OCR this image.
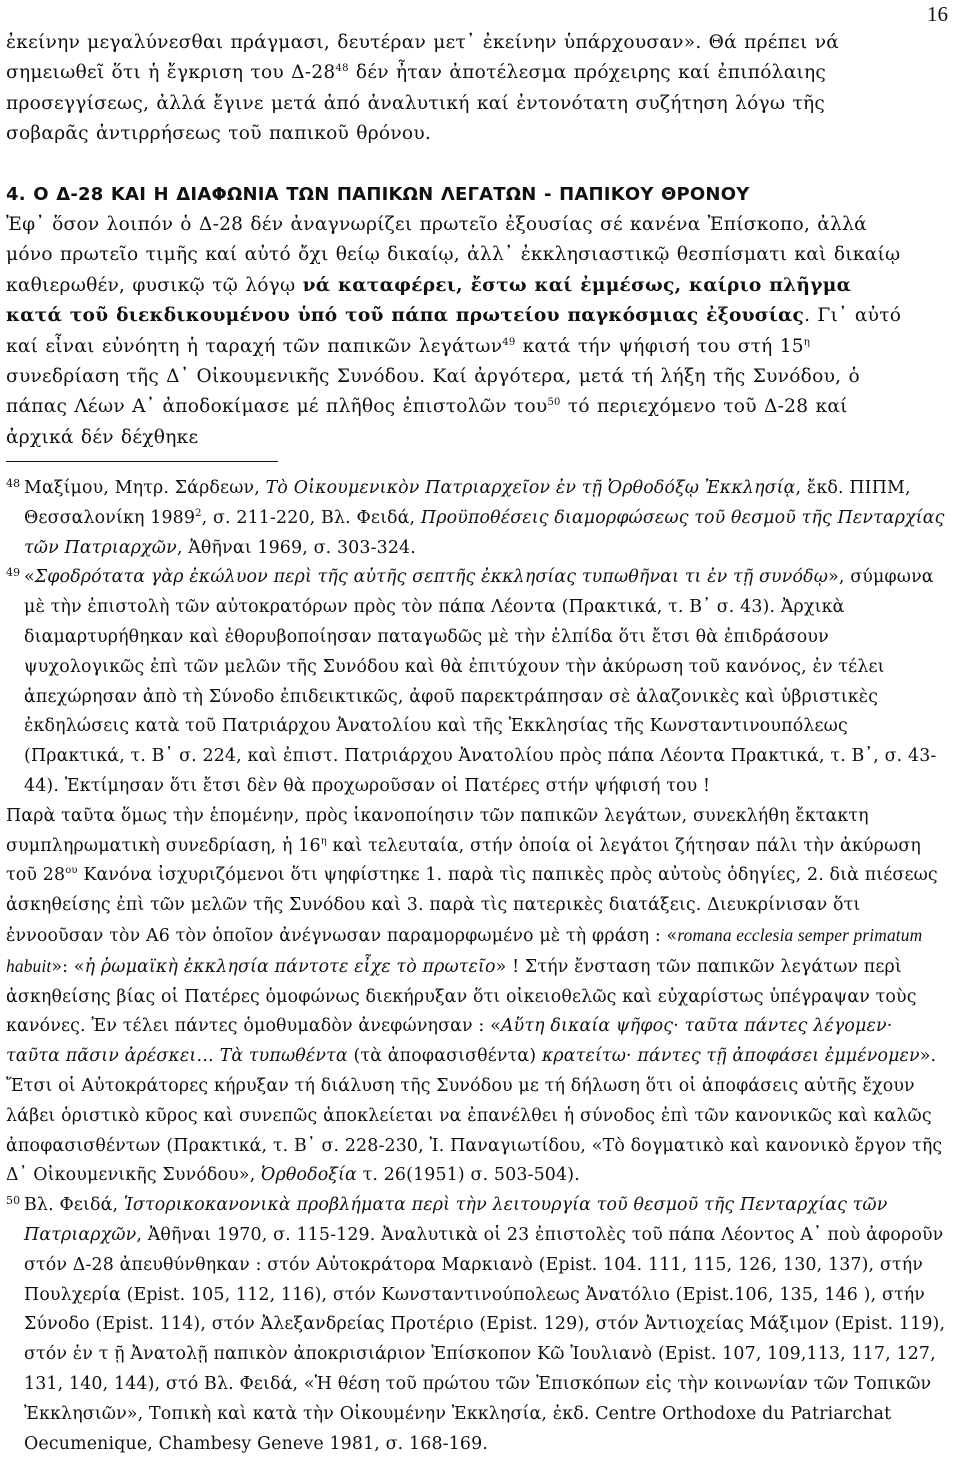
16

ἐκείνην μεγαλύνεσθαι πράγμασι, δευτέραν μετ᾽ ἐκείνην ὑπάρχουσαν». Θά πρέπει νά σημειωθεῖ ὅτι ἡ ἔγκριση του $\Delta-28^{48}$ δέν ἦταν ἀποτέλεσμα πρόχειρης καί ἐπιπόλαιης προσεγγίσεως, ἀλλά ἔγινε μετά ἀπό ἀναλυτική καί ἐντονότατη συζήτηση λόγω τῆς σοβαρᾶς ἀντιρρήσεως τοῦ παπικοῦ θρόνου.

4. Ο Δ-28 ΚΑΙ Η ΔΙΑΦΩΝΙΑ ΤΩΝ ΠΑΠΙΚΩΝ ΛΕΓΑΤΩΝ - ΠΑΠΙΚΟΥ ΘΡΟΝΟΥ

Ἐφ᾽ ὅσον λοιπόν ὁ Δ-28 δέν ἀναγνωρίζει πρωτεῖο ἐξουσίας σέ κανένα Ἐπίσκοπο, ἀλλά μόνο πρωτεῖο τιμῆς καί αὐτό ὄχι θείῳ δικαίῳ, ἀλλ᾽ ἐκκλησιαστικῷ θεσπίσματι καὶ δικαίῳ καθιερωθέν, φυσικῷ τῷ λόγῳ νά καταφέρει, ἔστω καί ἐμμέσως, καίριο πλῆγμα κατά τοῦ διεκδικουμένου ὑπό τοῦ πάπα πρωτείου παγκόσμιας ἐξουσίας. Γι᾽ αὐτό καί εἶναι εὐνόητη ἡ ταραχή τῶν παπικῶν λεγάτων$^{49}$ κατά τήν ψήφισή του στή $15^\eta$ συνεδρίαση τῆς Δ᾽ Οἰκουμενικῆς Συνόδου. Καί ἀργότερα, μετά τή λήξη τῆς Συνόδου, ὁ πάπας Λέων Α᾽ ἀποδοκίμασε μέ πλῆθος ἐπιστολῶν του$^{50}$ τό περιεχόμενο τοῦ Δ-28 καί ἀρχικά δέν δέχθηκε

48 Μαξίμου, Μητρ. Σάρδεων, Τὸ Οἰκουμενικὸν Πατριαρχεῖον ἐν τῇ Ὀρθοδόξῳ Ἐκκλησίᾳ, ἔκδ. ΠΙΠΜ, Θεσσαλονίκη 1989$^2$, σ. 211-220, Βλ. Φειδά, Προϋποθέσεις διαμορφώσεως τοῦ θεσμοῦ τῆς Πενταρχίας τῶν Πατριαρχῶν, Ἀθῆναι 1969, σ. 303-324.

49 «Σφοδρότατα γὰρ ἐκώλυον περὶ τῆς αὐτῆς σεπτῆς ἐκκλησίας τυπωθῆναι τι ἐν τῇ συνόδῳ», σύμφωνα μὲ τὴν ἐπιστολὴ τῶν αὐτοκρατόρων πρὸς τὸν πάπα Λέοντα (Πρακτικά, τ. Β᾽ σ. 43). Ἀρχικὰ διαμαρτυρήθηκαν καὶ ἐθορυβοποίησαν παταγωδῶς μὲ τὴν ἐλπίδα ὅτι ἔτσι θὰ ἐπιδράσουν ψυχολογικῶς ἐπὶ τῶν μελῶν τῆς Συνόδου καὶ θὰ ἐπιτύχουν τὴν ἀκύρωση τοῦ κανόνος, ἐν τέλει ἀπεχώρησαν ἀπὸ τὴ Σύνοδο ἐπιδεικτικῶς, ἀφοῦ παρεκτράπησαν σὲ ἀλαζονικὲς καὶ ὑβριστικὲς ἐκδηλώσεις κατὰ τοῦ Πατριάρχου Ἀνατολίου καὶ τῆς Ἐκκλησίας τῆς Κωνσταντινουπόλεως (Πρακτικά, τ. Β᾽ σ. 224, καὶ ἐπιστ. Πατριάρχου Ἀνατολίου πρὸς πάπα Λέοντα Πρακτικά, τ. Β᾽, σ. 43-44). Ἐκτίμησαν ὅτι ἔτσι δὲν θὰ προχωροῦσαν οἱ Πατέρες στήν ψήφισή του !

Παρὰ ταῦτα ὅμως τὴν ἑπομένην, πρὸς ἱκανοποίησιν τῶν παπικῶν λεγάτων, συνεκλήθη ἔκτακτη συμπληρωματικὴ συνεδρίαση, ἡ $16^\eta$ καὶ τελευταία, στήν ὁποία οἱ λεγάτοι ζήτησαν πάλι τὴν ἀκύρωση τοῦ $28^{o\upsilon}$ Κανόνα ἰσχυριζόμενοι ὅτι ψηφίστηκε 1. παρὰ τὶς παπικὲς πρὸς αὐτοὺς ὁδηγίες, 2. διὰ πιέσεως ἀσκηθείσης ἐπὶ τῶν μελῶν τῆς Συνόδου καὶ 3. παρὰ τὶς πατερικὲς διατάξεις. Διευκρίνισαν ὅτι ἐννοοῦσαν τὸν Α6 τὸν ὁποῖον ἀνέγνωσαν παραμορφωμένο μὲ τὴ φράση : «romana ecclesia semper primatum habuit»: «ἡ ῥωμαϊκὴ ἐκκλησία πάντοτε εἶχε τὸ πρωτεῖο» ! Στήν ἔνσταση τῶν παπικῶν λεγάτων περὶ ἀσκηθείσης βίας οἱ Πατέρες ὁμοφώνως διεκήρυξαν ὅτι οἰκειοθελῶς καὶ εὐχαρίστως ὑπέγραψαν τοὺς κανόνες. Ἐν τέλει πάντες ὁμοθυμαδὸν ἀνεφώνησαν : «Αὕτη δικαία ψῆφος· ταῦτα πάντες λέγομεν· ταῦτα πᾶσιν ἀρέσκει… Τὰ τυπωθέντα (τὰ ἀποφασισθέντα) κρατείτω· πάντες τῇ ἀποφάσει ἐμμένομεν». Ἔτσι οἱ Αὐτοκράτορες κήρυξαν τή διάλυση τῆς Συνόδου με τή δήλωση ὅτι οἱ ἀποφάσεις αὐτῆς ἔχουν λάβει ὁριστικὸ κῦρος καὶ συνεπῶς ἀποκλείεται να ἐπανέλθει ἡ σύνοδος ἐπὶ τῶν κανονικῶς καὶ καλῶς ἀποφασισθέντων (Πρακτικά, τ. Β᾽ σ. 228-230, Ἰ. Παναγιωτίδου, «Τὸ δογματικὸ καὶ κανονικὸ ἔργον τῆς Δ᾽ Οἰκουμενικῆς Συνόδου», Ὀρθοδοξία τ. 26(1951) σ. 503-504).

50 Βλ. Φειδά, Ἱστορικοκανονικὰ προβλήματα περὶ τὴν λειτουργία τοῦ θεσμοῦ τῆς Πενταρχίας τῶν Πατριαρχῶν, Ἀθῆναι 1970, σ. 115-129. Ἀναλυτικὰ οἱ 23 ἐπιστολὲς τοῦ πάπα Λέοντος Α᾽ ποὺ ἀφοροῦν στόν Δ-28 ἀπευθύνθηκαν : στόν Αὐτοκράτορα Μαρκιανὸ (Epist. 104. 111, 115, 126, 130, 137), στήν Πουλχερία (Epist. 105, 112, 116), στόν Κωνσταντινούπολεως Ἀνατόλιο (Epist.106, 135, 146 ), στήν Σύνοδο (Epist. 114), στόν Ἀλεξανδρείας Προτέριο (Epist. 129), στόν Ἀντιοχείας Μάξιμον (Epist. 119), στόν ἐν τ ῇ Ἀνατολῇ παπικὸν ἀποκρισιάριον Ἐπίσκοπον Κῶ Ἰουλιανὸ (Epist. 107, 109,113, 117, 127, 131, 140, 144), στό Βλ. Φειδά, «Ἡ θέση τοῦ πρώτου τῶν Ἐπισκόπων εἰς τὴν κοινωνίαν τῶν Τοπικῶν Ἐκκλησιῶν», Τοπικὴ καὶ κατὰ τὴν Οἰκουμένην Ἐκκλησία, ἐκδ. Centre Orthodoxe du Patriarchat Oecumenique, Chambesy Geneve 1981, σ. 168-169.
